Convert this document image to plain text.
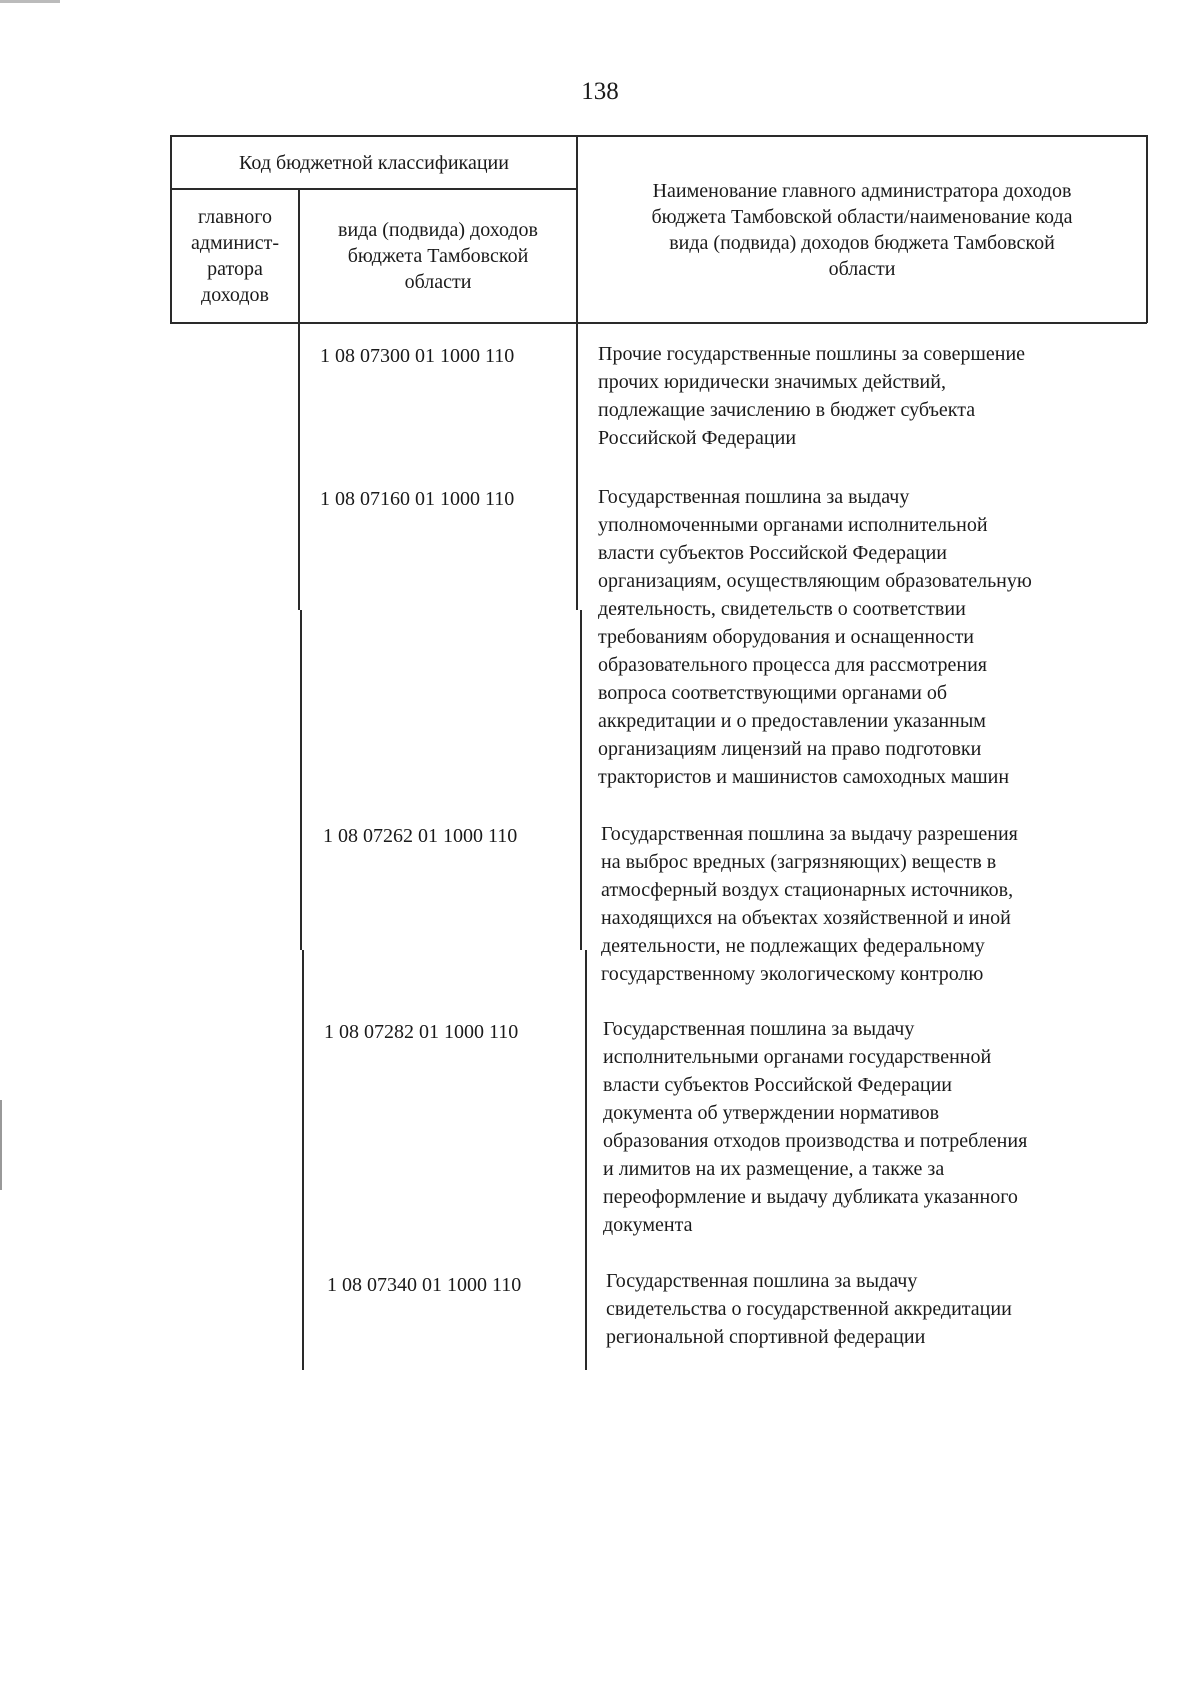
138
Код бюджетной классификации
главного
админист-
ратора
доходов
вида (подвида) доходов
бюджета Тамбовской
области
Наименование главного администратора доходов
бюджета Тамбовской области/наименование кода
вида (подвида) доходов бюджета Тамбовской
области
1 08 07300 01 1000 110	Прочие государственные пошлины за совершение
прочих юридически значимых действий,
подлежащие зачислению в бюджет субъекта
Российской Федерации
1 08 07160 01 1000 110	Государственная пошлина за выдачу
уполномоченными органами исполнительной
власти субъектов Российской Федерации
организациям, осуществляющим образовательную
деятельность, свидетельств о соответствии
требованиям оборудования и оснащенности
образовательного процесса для рассмотрения
вопроса соответствующими органами об
аккредитации и о предоставлении указанным
организациям лицензий на право подготовки
трактористов и машинистов самоходных машин
1 08 07262 01 1000 110	Государственная пошлина за выдачу разрешения
на выброс вредных (загрязняющих) веществ в
атмосферный воздух стационарных источников,
находящихся на объектах хозяйственной и иной
деятельности, не подлежащих федеральному
государственному экологическому контролю
1 08 07282 01 1000 110	Государственная пошлина за выдачу
исполнительными органами государственной
власти субъектов Российской Федерации
документа об утверждении нормативов
образования отходов производства и потребления
и лимитов на их размещение, а также за
переоформление и выдачу дубликата указанного
документа
1 08 07340 01 1000 110	Государственная пошлина за выдачу
свидетельства о государственной аккредитации
региональной спортивной федерации
